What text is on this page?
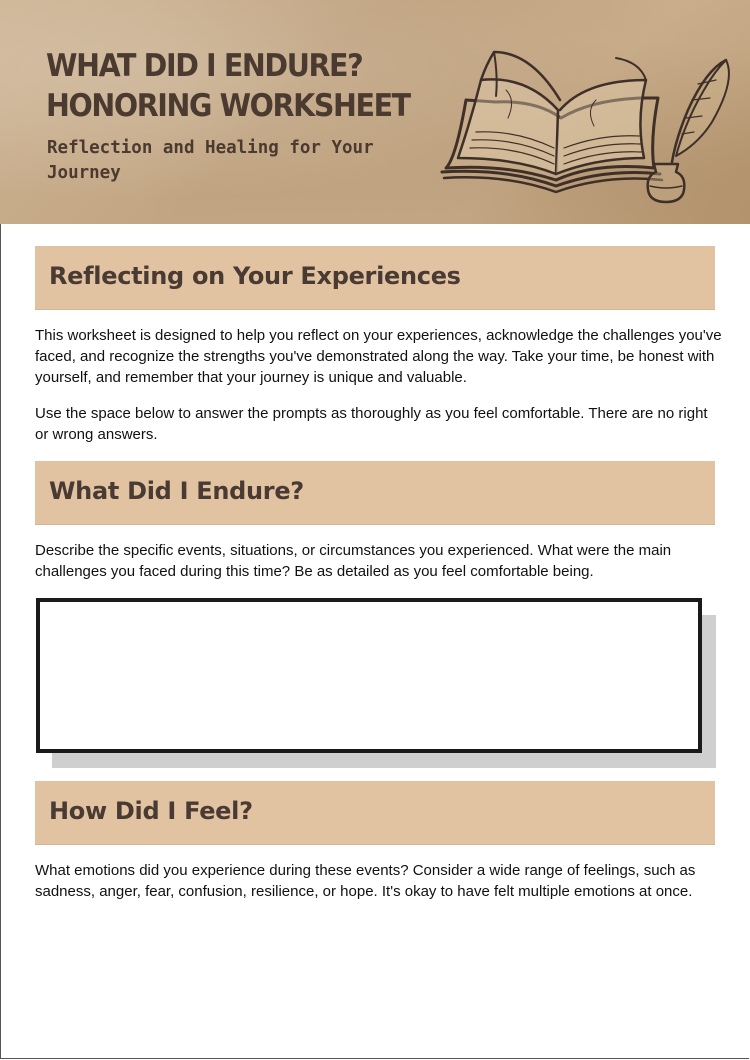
WHAT DID I ENDURE?
HONORING WORKSHEET
Reflection and Healing for Your Journey
Reflecting on Your Experiences

This worksheet is designed to help you reflect on your experiences, acknowledge the challenges you've faced, and recognize the strengths you've demonstrated along the way. Take your time, be honest with yourself, and remember that your journey is unique and valuable.

Use the space below to answer the prompts as thoroughly as you feel comfortable. There are no right or wrong answers.

What Did I Endure?

Describe the specific events, situations, or circumstances you experienced. What were the main challenges you faced during this time? Be as detailed as you feel comfortable being.

How Did I Feel?

What emotions did you experience during these events? Consider a wide range of feelings, such as sadness, anger, fear, confusion, resilience, or hope. It's okay to have felt multiple emotions at once.
